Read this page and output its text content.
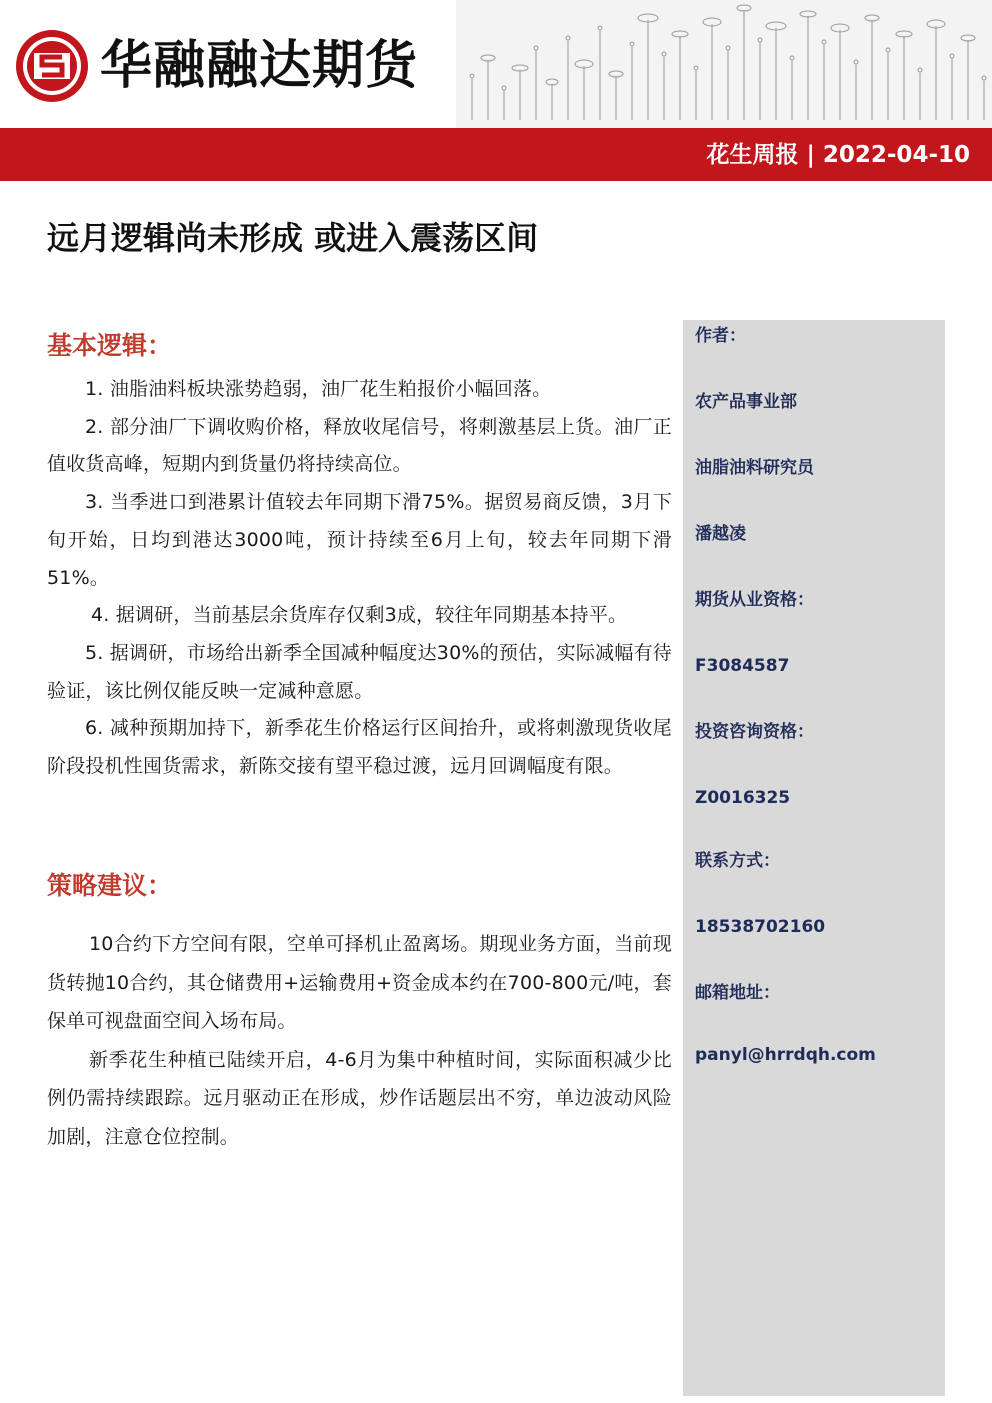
华融融达期货
花生周报 | 2022-04-10
远月逻辑尚未形成 或进入震荡区间
作者：
农产品事业部
油脂油料研究员
潘越凌
期货从业资格：
F3084587
投资咨询资格：
Z0016325
联系方式：
18538702160
邮箱地址：
panyl@hrrdqh.com
基本逻辑：

1. 油脂油料板块涨势趋弱，油厂花生粕报价小幅回落。

2. 部分油厂下调收购价格，释放收尾信号，将刺激基层上货。油厂正值收货高峰，短期内到货量仍将持续高位。

3. 当季进口到港累计值较去年同期下滑75%。据贸易商反馈，3月下旬开始，日均到港达3000吨，预计持续至6月上旬，较去年同期下滑51%。

4. 据调研，当前基层余货库存仅剩3成，较往年同期基本持平。

5. 据调研，市场给出新季全国减种幅度达30%的预估，实际减幅有待验证，该比例仅能反映一定减种意愿。

6. 减种预期加持下，新季花生价格运行区间抬升，或将刺激现货收尾阶段投机性囤货需求，新陈交接有望平稳过渡，远月回调幅度有限。

策略建议：

10合约下方空间有限，空单可择机止盈离场。期现业务方面，当前现货转抛10合约，其仓储费用+运输费用+资金成本约在700-800元/吨，套保单可视盘面空间入场布局。

新季花生种植已陆续开启，4-6月为集中种植时间，实际面积减少比例仍需持续跟踪。远月驱动正在形成，炒作话题层出不穷，单边波动风险加剧，注意仓位控制。
